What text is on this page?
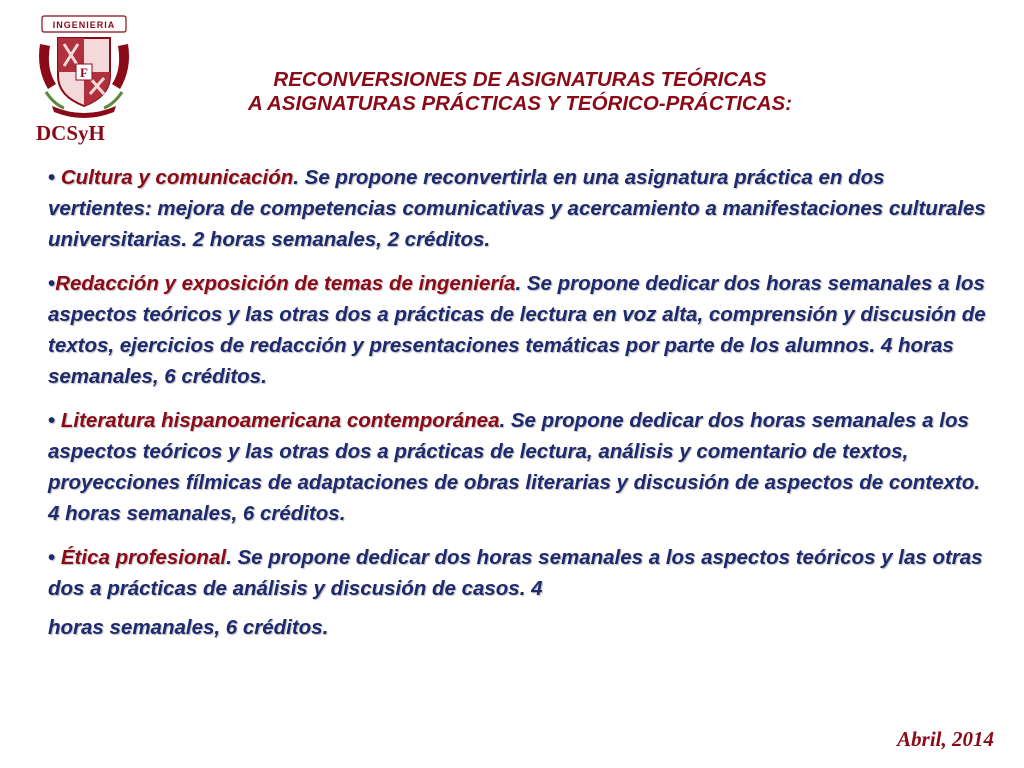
INGENIERIA
F
DCSyH
RECONVERSIONES DE ASIGNATURAS TEÓRICAS
A ASIGNATURAS PRÁCTICAS Y TEÓRICO-PRÁCTICAS:

• Cultura y comunicación. Se propone reconvertirla en una asignatura práctica en dos vertientes: mejora de competencias comunicativas y acercamiento a manifestaciones culturales universitarias. 2 horas semanales, 2 créditos.

•Redacción y exposición de temas de ingeniería. Se propone dedicar dos horas semanales a los aspectos teóricos y las otras dos a prácticas de lectura en voz alta, comprensión y discusión de textos, ejercicios de redacción y presentaciones temáticas por parte de los alumnos. 4 horas semanales, 6 créditos.

• Literatura hispanoamericana contemporánea. Se propone dedicar dos horas semanales a los aspectos teóricos y las otras dos a prácticas de lectura, análisis y comentario de textos, proyecciones fílmicas de adaptaciones de obras literarias y discusión de aspectos de contexto. 4 horas semanales, 6 créditos.

• Ética profesional. Se propone dedicar dos horas semanales a los aspectos teóricos y las otras dos a prácticas de análisis y discusión de casos. 4
horas semanales, 6 créditos.

Abril, 2014
